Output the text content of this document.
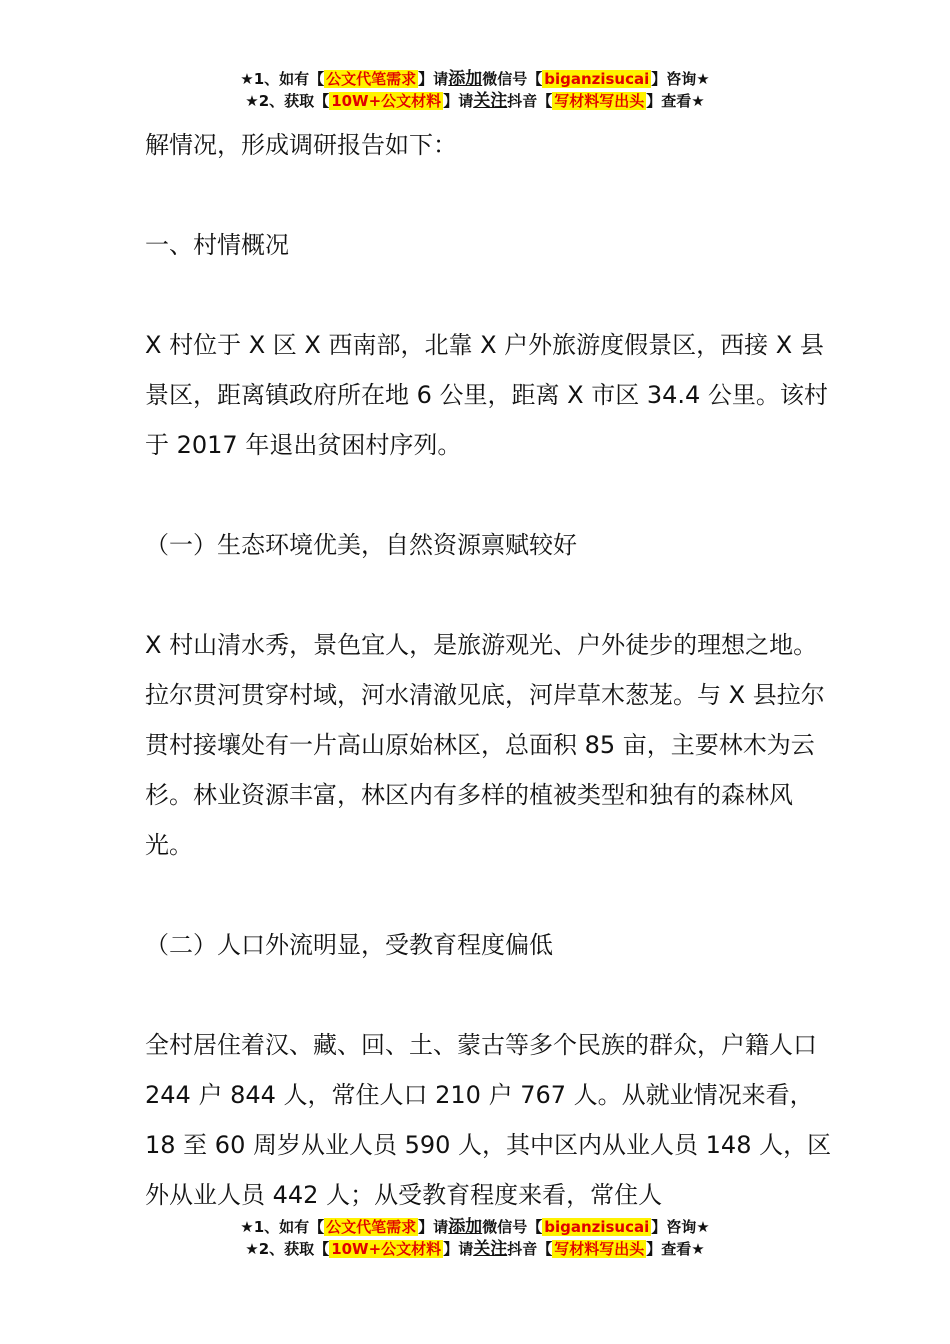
★1、如有【 公文代笔需求 】请添加微信号【 biganzisucai 】咨询★
★2、获取【 10W+公文材料 】请关注抖音【 写材料写出头 】查看★

解情况，形成调研报告如下：

一、村情概况

X 村位于 X 区 X 西南部，北靠 X 户外旅游度假景区，西接 X 县景区，距离镇政府所在地 6 公里，距离 X 市区 34.4 公里。该村于 2017 年退出贫困村序列。

（一）生态环境优美，自然资源禀赋较好

X 村山清水秀，景色宜人，是旅游观光、户外徒步的理想之地。拉尔贯河贯穿村域，河水清澈见底，河岸草木葱茏。与 X 县拉尔贯村接壤处有一片高山原始林区，总面积 85 亩，主要林木为云杉。林业资源丰富，林区内有多样的植被类型和独有的森林风光。

（二）人口外流明显，受教育程度偏低

全村居住着汉、藏、回、土、蒙古等多个民族的群众，户籍人口 244 户 844 人，常住人口 210 户 767 人。从就业情况来看，18 至 60 周岁从业人员 590 人，其中区内从业人员 148 人，区外从业人员 442 人；从受教育程度来看，常住人

★1、如有【 公文代笔需求 】请添加微信号【 biganzisucai 】咨询★
★2、获取【 10W+公文材料 】请关注抖音【 写材料写出头 】查看★
